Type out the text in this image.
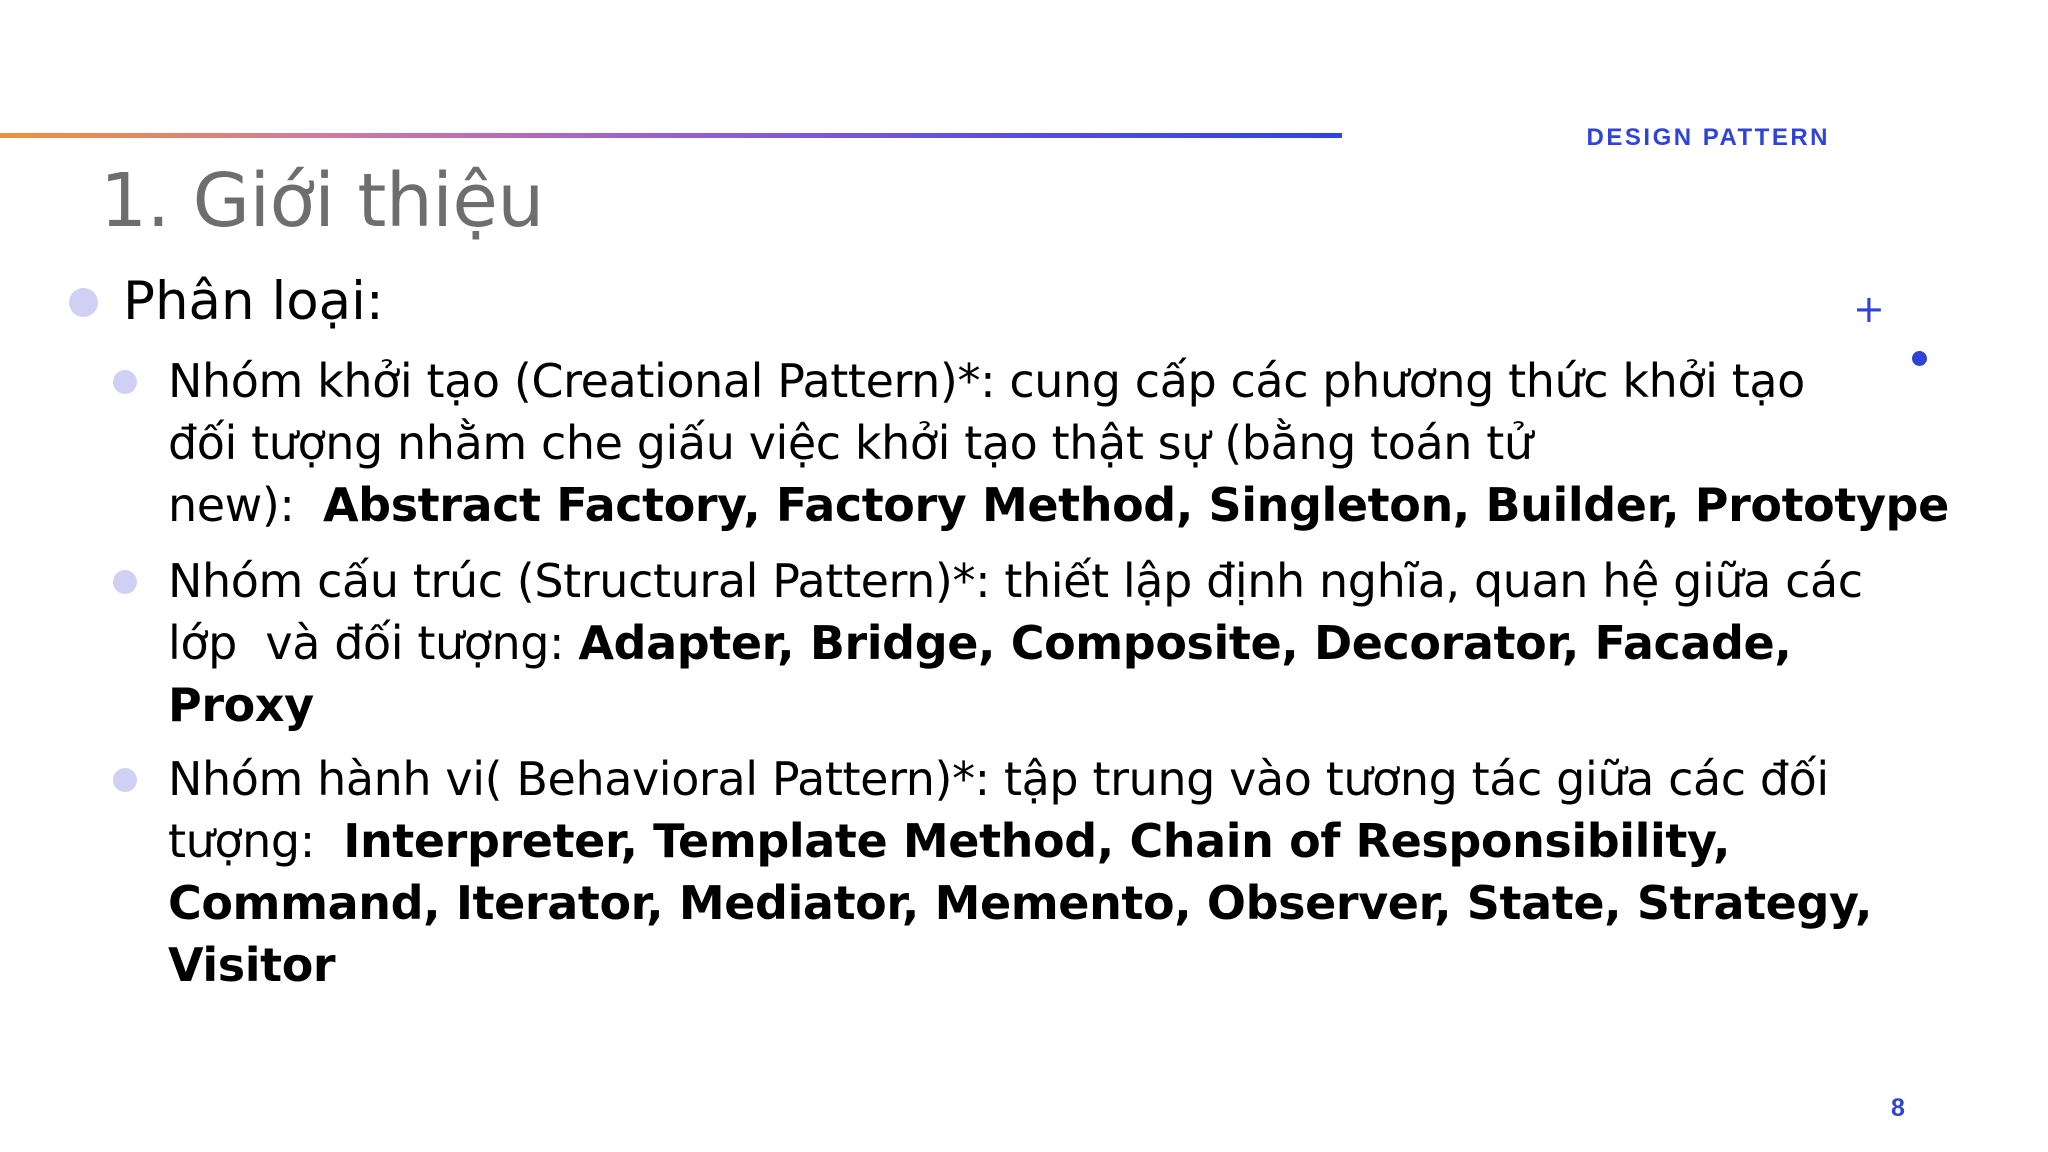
DESIGN PATTERN
1. Giới thiệu
+
Phân loại:
Nhóm khởi tạo (Creational Pattern)*: cung cấp các phương thức khởi tạo
đối tượng nhằm che giấu việc khởi tạo thật sự (bằng toán tử
new):  Abstract Factory, Factory Method, Singleton, Builder, Prototype
Nhóm cấu trúc (Structural Pattern)*: thiết lập định nghĩa, quan hệ giữa các
lớp  và đối tượng: Adapter, Bridge, Composite, Decorator, Facade,
Proxy
Nhóm hành vi( Behavioral Pattern)*: tập trung vào tương tác giữa các đối
tượng:  Interpreter, Template Method, Chain of Responsibility,
Command, Iterator, Mediator, Memento, Observer, State, Strategy,
Visitor
8
